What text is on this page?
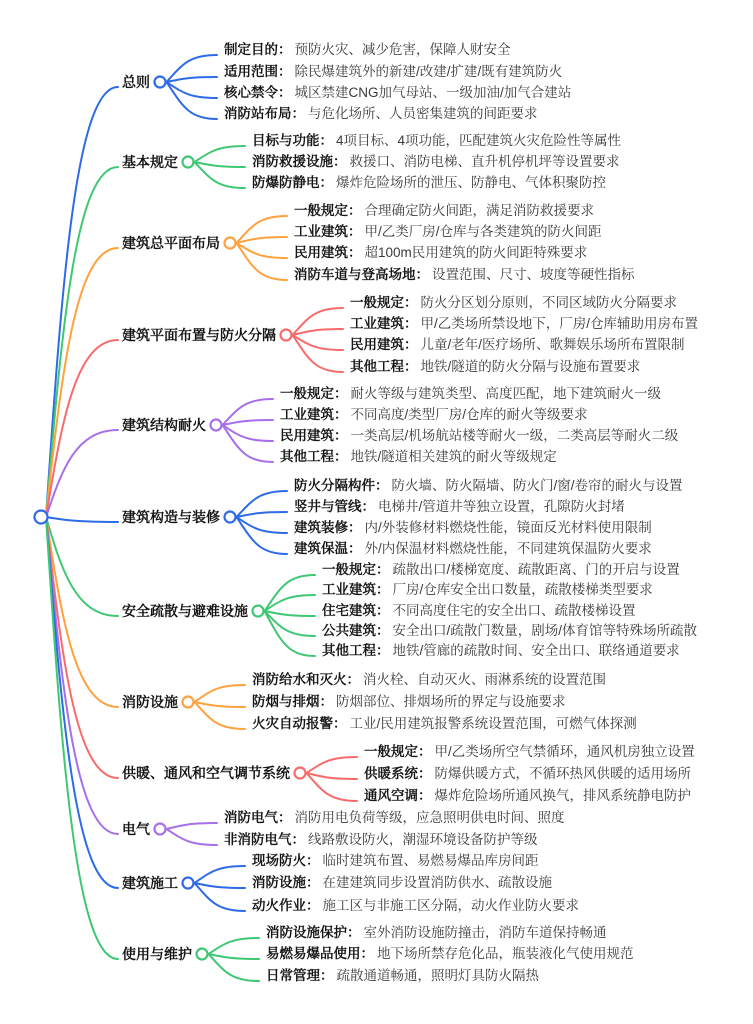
总则
制定目的： 预防火灾、减少危害，保障人财安全
适用范围： 除民爆建筑外的新建/改建/扩建/既有建筑防火
核心禁令： 城区禁建CNG加气母站、一级加油/加气合建站
消防站布局： 与危化场所、人员密集建筑的间距要求
基本规定
目标与功能： 4项目标、4项功能，匹配建筑火灾危险性等属性
消防救援设施： 救援口、消防电梯、直升机停机坪等设置要求
防爆防静电： 爆炸危险场所的泄压、防静电、气体积聚防控
建筑总平面布局
一般规定： 合理确定防火间距，满足消防救援要求
工业建筑： 甲/乙类厂房/仓库与各类建筑的防火间距
民用建筑： 超100m民用建筑的防火间距特殊要求
消防车道与登高场地： 设置范围、尺寸、坡度等硬性指标
建筑平面布置与防火分隔
一般规定： 防火分区划分原则，不同区域防火分隔要求
工业建筑： 甲/乙类场所禁设地下，厂房/仓库辅助用房布置
民用建筑： 儿童/老年/医疗场所、歌舞娱乐场所布置限制
其他工程： 地铁/隧道的防火分隔与设施布置要求
建筑结构耐火
一般规定： 耐火等级与建筑类型、高度匹配，地下建筑耐火一级
工业建筑： 不同高度/类型厂房/仓库的耐火等级要求
民用建筑： 一类高层/机场航站楼等耐火一级，二类高层等耐火二级
其他工程： 地铁/隧道相关建筑的耐火等级规定
建筑构造与装修
防火分隔构件： 防火墙、防火隔墙、防火门/窗/卷帘的耐火与设置
竖井与管线： 电梯井/管道井等独立设置，孔隙防火封堵
建筑装修： 内/外装修材料燃烧性能，镜面反光材料使用限制
建筑保温： 外/内保温材料燃烧性能，不同建筑保温防火要求
安全疏散与避难设施
一般规定： 疏散出口/楼梯宽度、疏散距离、门的开启与设置
工业建筑： 厂房/仓库安全出口数量，疏散楼梯类型要求
住宅建筑： 不同高度住宅的安全出口、疏散楼梯设置
公共建筑： 安全出口/疏散门数量，剧场/体育馆等特殊场所疏散
其他工程： 地铁/管廊的疏散时间、安全出口、联络通道要求
消防设施
消防给水和灭火： 消火栓、自动灭火、雨淋系统的设置范围
防烟与排烟： 防烟部位、排烟场所的界定与设施要求
火灾自动报警： 工业/民用建筑报警系统设置范围，可燃气体探测
供暖、通风和空气调节系统
一般规定： 甲/乙类场所空气禁循环，通风机房独立设置
供暖系统： 防爆供暖方式，不循环热风供暖的适用场所
通风空调： 爆炸危险场所通风换气，排风系统静电防护
电气
消防电气： 消防用电负荷等级，应急照明供电时间、照度
非消防电气： 线路敷设防火，潮湿环境设备防护等级
建筑施工
现场防火： 临时建筑布置、易燃易爆品库房间距
消防设施： 在建建筑同步设置消防供水、疏散设施
动火作业： 施工区与非施工区分隔，动火作业防火要求
使用与维护
消防设施保护： 室外消防设施防撞击，消防车道保持畅通
易燃易爆品使用： 地下场所禁存危化品，瓶装液化气使用规范
日常管理： 疏散通道畅通，照明灯具防火隔热
